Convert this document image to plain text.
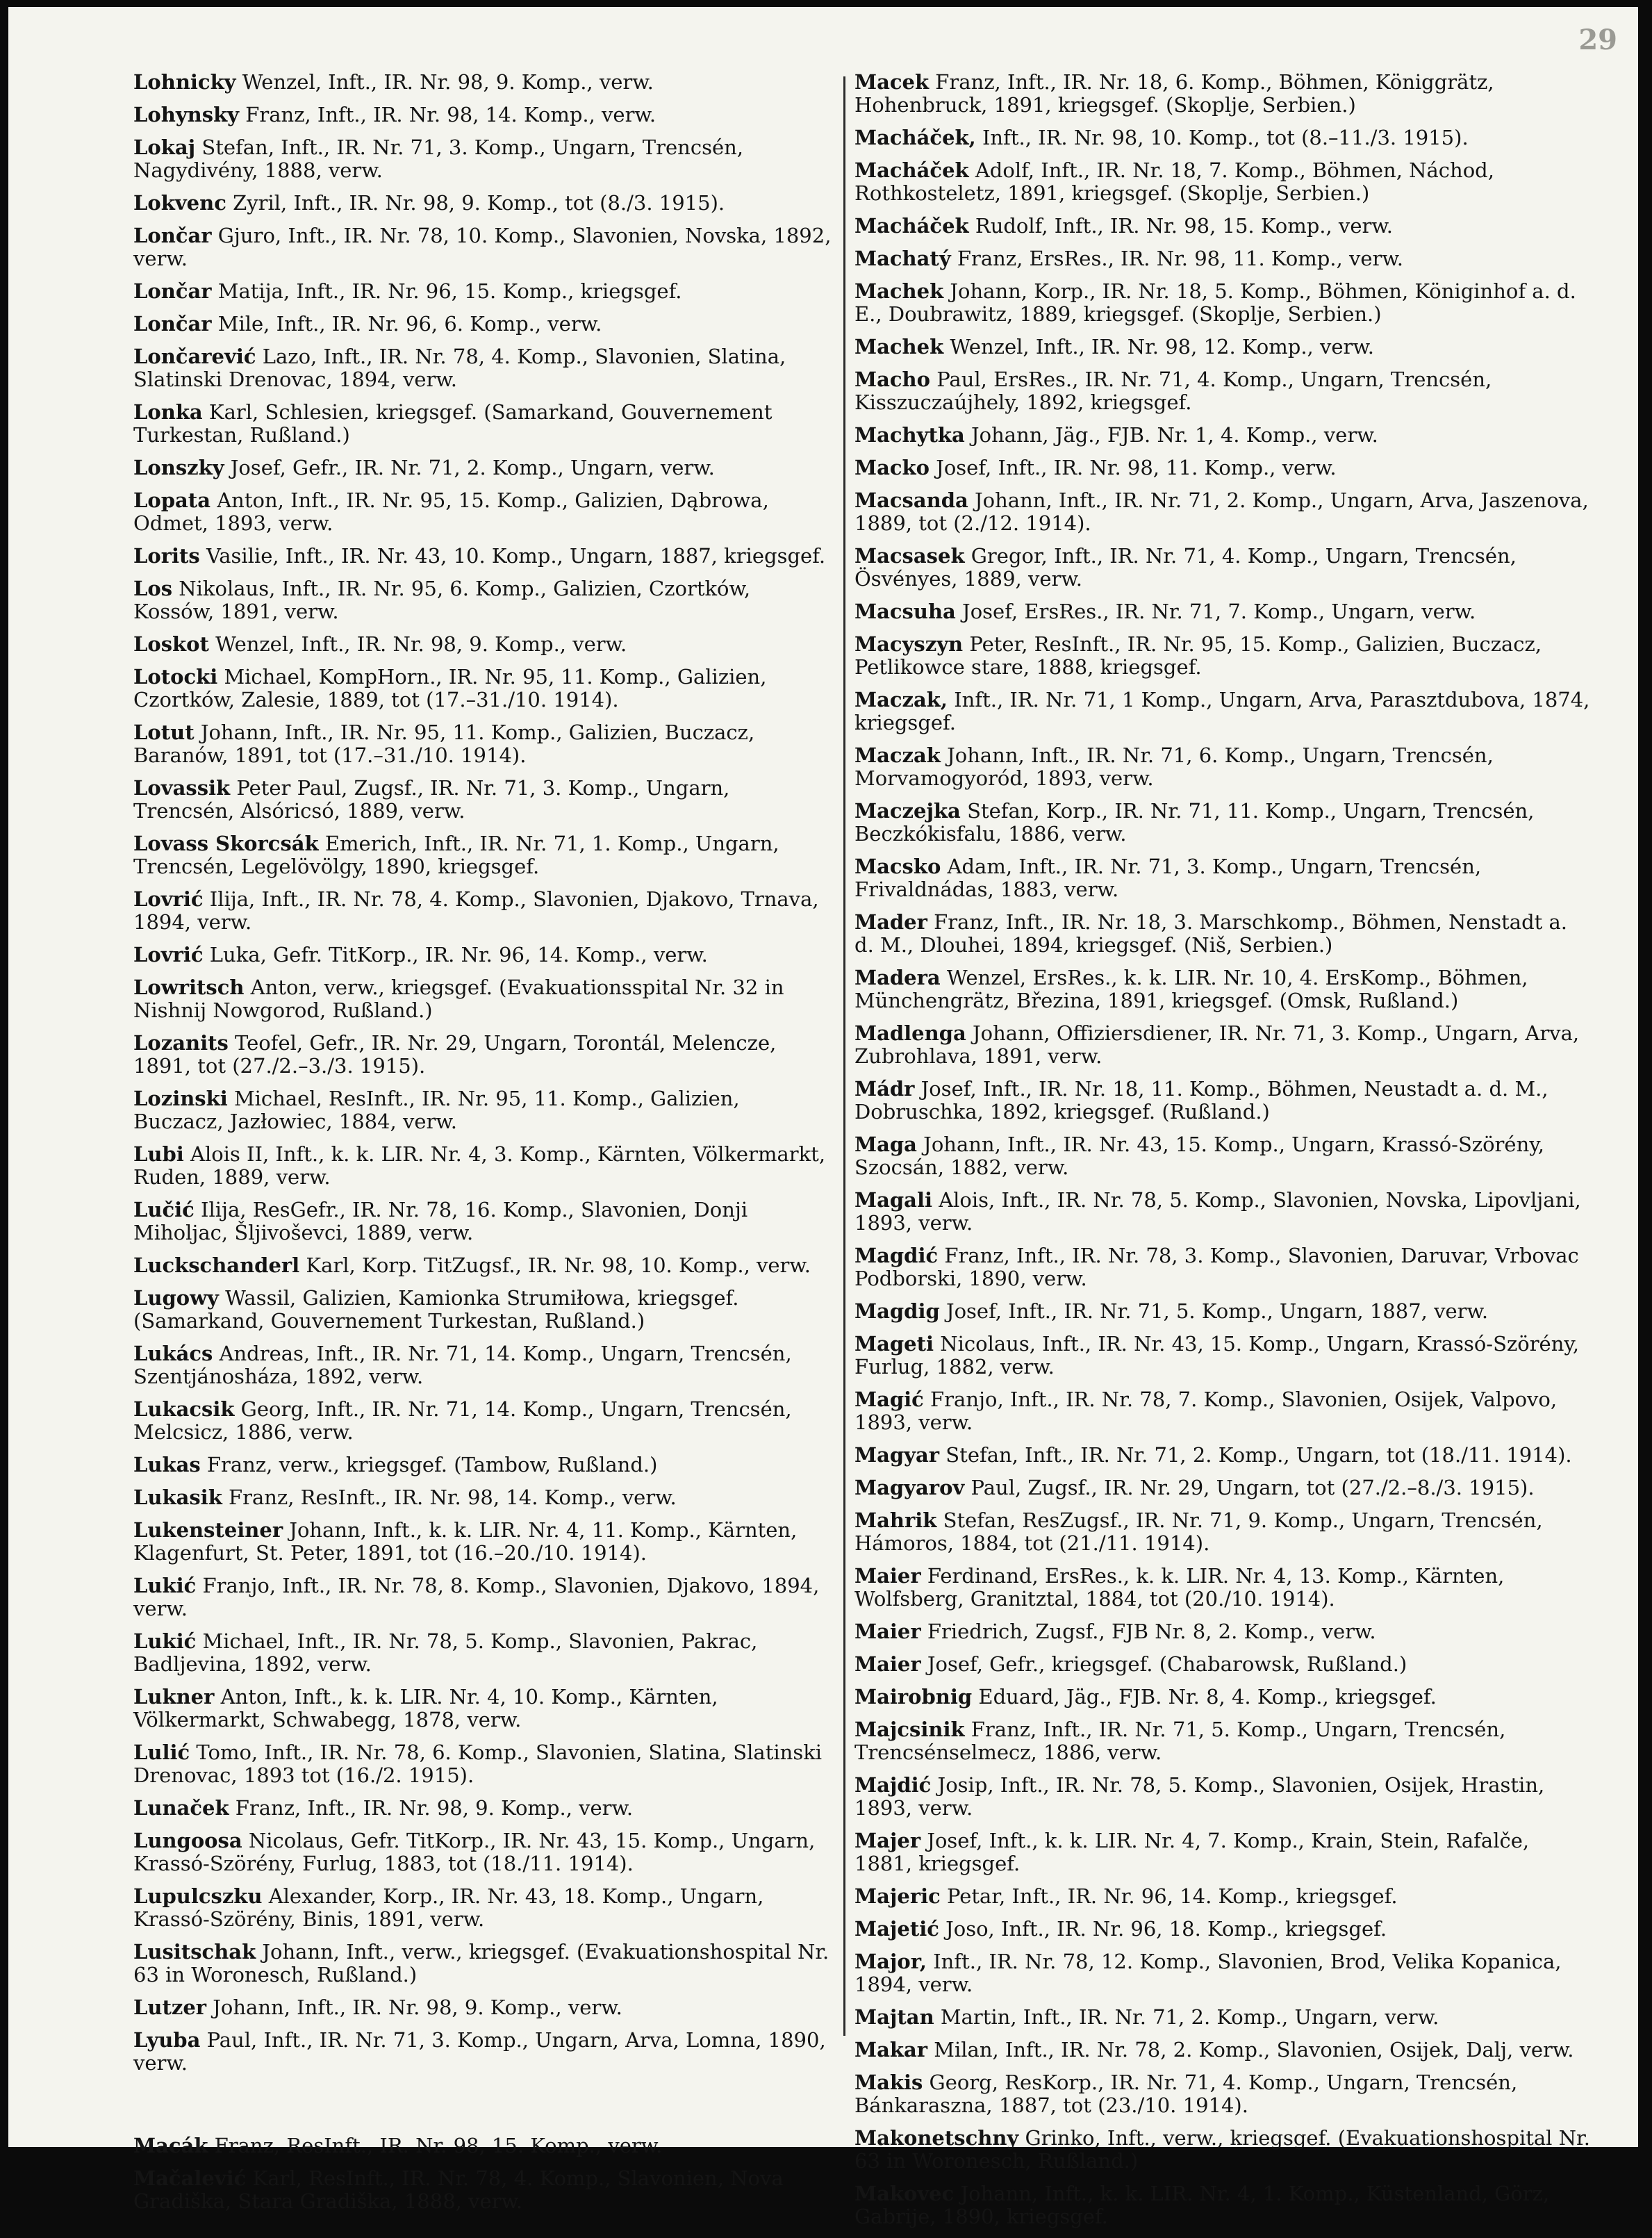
29
Lohnicky Wenzel, Inft., IR. Nr. 98, 9. Komp., verw.
Lohynsky Franz, Inft., IR. Nr. 98, 14. Komp., verw.
Lokaj Stefan, Inft., IR. Nr. 71, 3. Komp., Ungarn, Trencsén, Nagydivény, 1888, verw.
Lokvenc Zyril, Inft., IR. Nr. 98, 9. Komp., tot (8./3. 1915).
Lončar Gjuro, Inft., IR. Nr. 78, 10. Komp., Slavonien, Novska, 1892, verw.
Lončar Matija, Inft., IR. Nr. 96, 15. Komp., kriegsgef.
Lončar Mile, Inft., IR. Nr. 96, 6. Komp., verw.
Lončarević Lazo, Inft., IR. Nr. 78, 4. Komp., Slavonien, Slatina, Slatinski Drenovac, 1894, verw.
Lonka Karl, Schlesien, kriegsgef. (Samarkand, Gouvernement Turkestan, Rußland.)
Lonszky Josef, Gefr., IR. Nr. 71, 2. Komp., Ungarn, verw.
Lopata Anton, Inft., IR. Nr. 95, 15. Komp., Galizien, Dąbrowa, Odmet, 1893, verw.
Lorits Vasilie, Inft., IR. Nr. 43, 10. Komp., Ungarn, 1887, kriegsgef.
Los Nikolaus, Inft., IR. Nr. 95, 6. Komp., Galizien, Czortków, Kossów, 1891, verw.
Loskot Wenzel, Inft., IR. Nr. 98, 9. Komp., verw.
Lotocki Michael, KompHorn., IR. Nr. 95, 11. Komp., Galizien, Czortków, Zalesie, 1889, tot (17.–31./10. 1914).
Lotut Johann, Inft., IR. Nr. 95, 11. Komp., Galizien, Buczacz, Baranów, 1891, tot (17.–31./10. 1914).
Lovassik Peter Paul, Zugsf., IR. Nr. 71, 3. Komp., Ungarn, Trencsén, Alsóricsó, 1889, verw.
Lovass Skorcsák Emerich, Inft., IR. Nr. 71, 1. Komp., Ungarn, Trencsén, Legelövölgy, 1890, kriegsgef.
Lovrić Ilija, Inft., IR. Nr. 78, 4. Komp., Slavonien, Djakovo, Trnava, 1894, verw.
Lovrić Luka, Gefr. TitKorp., IR. Nr. 96, 14. Komp., verw.
Lowritsch Anton, verw., kriegsgef. (Evakuationsspital Nr. 32 in Nishnij Nowgorod, Rußland.)
Lozanits Teofel, Gefr., IR. Nr. 29, Ungarn, Torontál, Melencze, 1891, tot (27./2.–3./3. 1915).
Lozinski Michael, ResInft., IR. Nr. 95, 11. Komp., Galizien, Buczacz, Jazłowiec, 1884, verw.
Lubi Alois II, Inft., k. k. LIR. Nr. 4, 3. Komp., Kärnten, Völkermarkt, Ruden, 1889, verw.
Lučić Ilija, ResGefr., IR. Nr. 78, 16. Komp., Slavonien, Donji Miholjac, Šljivoševci, 1889, verw.
Luckschanderl Karl, Korp. TitZugsf., IR. Nr. 98, 10. Komp., verw.
Lugowy Wassil, Galizien, Kamionka Strumiłowa, kriegsgef. (Samarkand, Gouvernement Turkestan, Rußland.)
Lukács Andreas, Inft., IR. Nr. 71, 14. Komp., Ungarn, Trencsén, Szentjánosháza, 1892, verw.
Lukacsik Georg, Inft., IR. Nr. 71, 14. Komp., Ungarn, Trencsén, Melcsicz, 1886, verw.
Lukas Franz, verw., kriegsgef. (Tambow, Rußland.)
Lukasik Franz, ResInft., IR. Nr. 98, 14. Komp., verw.
Lukensteiner Johann, Inft., k. k. LIR. Nr. 4, 11. Komp., Kärnten, Klagenfurt, St. Peter, 1891, tot (16.–20./10. 1914).
Lukić Franjo, Inft., IR. Nr. 78, 8. Komp., Slavonien, Djakovo, 1894, verw.
Lukić Michael, Inft., IR. Nr. 78, 5. Komp., Slavonien, Pakrac, Badljevina, 1892, verw.
Lukner Anton, Inft., k. k. LIR. Nr. 4, 10. Komp., Kärnten, Völkermarkt, Schwabegg, 1878, verw.
Lulić Tomo, Inft., IR. Nr. 78, 6. Komp., Slavonien, Slatina, Slatinski Drenovac, 1893 tot (16./2. 1915).
Lunaček Franz, Inft., IR. Nr. 98, 9. Komp., verw.
Lungoosa Nicolaus, Gefr. TitKorp., IR. Nr. 43, 15. Komp., Ungarn, Krassó-Szörény, Furlug, 1883, tot (18./11. 1914).
Lupulcszku Alexander, Korp., IR. Nr. 43, 18. Komp., Ungarn, Krassó-Szörény, Binis, 1891, verw.
Lusitschak Johann, Inft., verw., kriegsgef. (Evakuationshospital Nr. 63 in Woronesch, Rußland.)
Lutzer Johann, Inft., IR. Nr. 98, 9. Komp., verw.
Lyuba Paul, Inft., IR. Nr. 71, 3. Komp., Ungarn, Arva, Lomna, 1890, verw.
Macák Franz, ResInft., IR. Nr. 98, 15. Komp., verw.
Mačalević Karl, ResInft., IR. Nr. 78, 4. Komp., Slavonien, Nova Gradiška, Stara Gradiška, 1888, verw.
Macek Franz, Inft., IR. Nr. 18, 6. Komp., Böhmen, Königgrätz, Hohenbruck, 1891, kriegsgef. (Skoplje, Serbien.)
Macháček, Inft., IR. Nr. 98, 10. Komp., tot (8.–11./3. 1915).
Macháček Adolf, Inft., IR. Nr. 18, 7. Komp., Böhmen, Náchod, Rothkosteletz, 1891, kriegsgef. (Skoplje, Serbien.)
Macháček Rudolf, Inft., IR. Nr. 98, 15. Komp., verw.
Machatý Franz, ErsRes., IR. Nr. 98, 11. Komp., verw.
Machek Johann, Korp., IR. Nr. 18, 5. Komp., Böhmen, Königinhof a. d. E., Doubrawitz, 1889, kriegsgef. (Skoplje, Serbien.)
Machek Wenzel, Inft., IR. Nr. 98, 12. Komp., verw.
Macho Paul, ErsRes., IR. Nr. 71, 4. Komp., Ungarn, Trencsén, Kisszuczaújhely, 1892, kriegsgef.
Machytka Johann, Jäg., FJB. Nr. 1, 4. Komp., verw.
Macko Josef, Inft., IR. Nr. 98, 11. Komp., verw.
Macsanda Johann, Inft., IR. Nr. 71, 2. Komp., Ungarn, Arva, Jaszenova, 1889, tot (2./12. 1914).
Macsasek Gregor, Inft., IR. Nr. 71, 4. Komp., Ungarn, Trencsén, Ösvényes, 1889, verw.
Macsuha Josef, ErsRes., IR. Nr. 71, 7. Komp., Ungarn, verw.
Macyszyn Peter, ResInft., IR. Nr. 95, 15. Komp., Galizien, Buczacz, Petlikowce stare, 1888, kriegsgef.
Maczak, Inft., IR. Nr. 71, 1 Komp., Ungarn, Arva, Parasztdubova, 1874, kriegsgef.
Maczak Johann, Inft., IR. Nr. 71, 6. Komp., Ungarn, Trencsén, Morvamogyoród, 1893, verw.
Maczejka Stefan, Korp., IR. Nr. 71, 11. Komp., Ungarn, Trencsén, Beczkókisfalu, 1886, verw.
Macsko Adam, Inft., IR. Nr. 71, 3. Komp., Ungarn, Trencsén, Frivaldnádas, 1883, verw.
Mader Franz, Inft., IR. Nr. 18, 3. Marschkomp., Böhmen, Nenstadt a. d. M., Dlouhei, 1894, kriegsgef. (Niš, Serbien.)
Madera Wenzel, ErsRes., k. k. LIR. Nr. 10, 4. ErsKomp., Böhmen, Münchengrätz, Březina, 1891, kriegsgef. (Omsk, Rußland.)
Madlenga Johann, Offiziersdiener, IR. Nr. 71, 3. Komp., Ungarn, Arva, Zubrohlava, 1891, verw.
Mádr Josef, Inft., IR. Nr. 18, 11. Komp., Böhmen, Neustadt a. d. M., Dobruschka, 1892, kriegsgef. (Rußland.)
Maga Johann, Inft., IR. Nr. 43, 15. Komp., Ungarn, Krassó-Szörény, Szocsán, 1882, verw.
Magali Alois, Inft., IR. Nr. 78, 5. Komp., Slavonien, Novska, Lipovljani, 1893, verw.
Magdić Franz, Inft., IR. Nr. 78, 3. Komp., Slavonien, Daruvar, Vrbovac Podborski, 1890, verw.
Magdig Josef, Inft., IR. Nr. 71, 5. Komp., Ungarn, 1887, verw.
Mageti Nicolaus, Inft., IR. Nr. 43, 15. Komp., Ungarn, Krassó-Szörény, Furlug, 1882, verw.
Magić Franjo, Inft., IR. Nr. 78, 7. Komp., Slavonien, Osijek, Valpovo, 1893, verw.
Magyar Stefan, Inft., IR. Nr. 71, 2. Komp., Ungarn, tot (18./11. 1914).
Magyarov Paul, Zugsf., IR. Nr. 29, Ungarn, tot (27./2.–8./3. 1915).
Mahrik Stefan, ResZugsf., IR. Nr. 71, 9. Komp., Ungarn, Trencsén, Hámoros, 1884, tot (21./11. 1914).
Maier Ferdinand, ErsRes., k. k. LIR. Nr. 4, 13. Komp., Kärnten, Wolfsberg, Granitztal, 1884, tot (20./10. 1914).
Maier Friedrich, Zugsf., FJB Nr. 8, 2. Komp., verw.
Maier Josef, Gefr., kriegsgef. (Chabarowsk, Rußland.)
Mairobnig Eduard, Jäg., FJB. Nr. 8, 4. Komp., kriegsgef.
Majcsinik Franz, Inft., IR. Nr. 71, 5. Komp., Ungarn, Trencsén, Trencsénselmecz, 1886, verw.
Majdić Josip, Inft., IR. Nr. 78, 5. Komp., Slavonien, Osijek, Hrastin, 1893, verw.
Majer Josef, Inft., k. k. LIR. Nr. 4, 7. Komp., Krain, Stein, Rafalče, 1881, kriegsgef.
Majeric Petar, Inft., IR. Nr. 96, 14. Komp., kriegsgef.
Majetić Joso, Inft., IR. Nr. 96, 18. Komp., kriegsgef.
Major, Inft., IR. Nr. 78, 12. Komp., Slavonien, Brod, Velika Kopanica, 1894, verw.
Majtan Martin, Inft., IR. Nr. 71, 2. Komp., Ungarn, verw.
Makar Milan, Inft., IR. Nr. 78, 2. Komp., Slavonien, Osijek, Dalj, verw.
Makis Georg, ResKorp., IR. Nr. 71, 4. Komp., Ungarn, Trencsén, Bánkaraszna, 1887, tot (23./10. 1914).
Makonetschny Grinko, Inft., verw., kriegsgef. (Evakuationshospital Nr. 63 in Woronesch, Rußland.)
Makovec Johann, Inft., k. k. LIR. Nr. 4, 1. Komp., Küstenland, Görz, Gabrije, 1890, kriegsgef.
